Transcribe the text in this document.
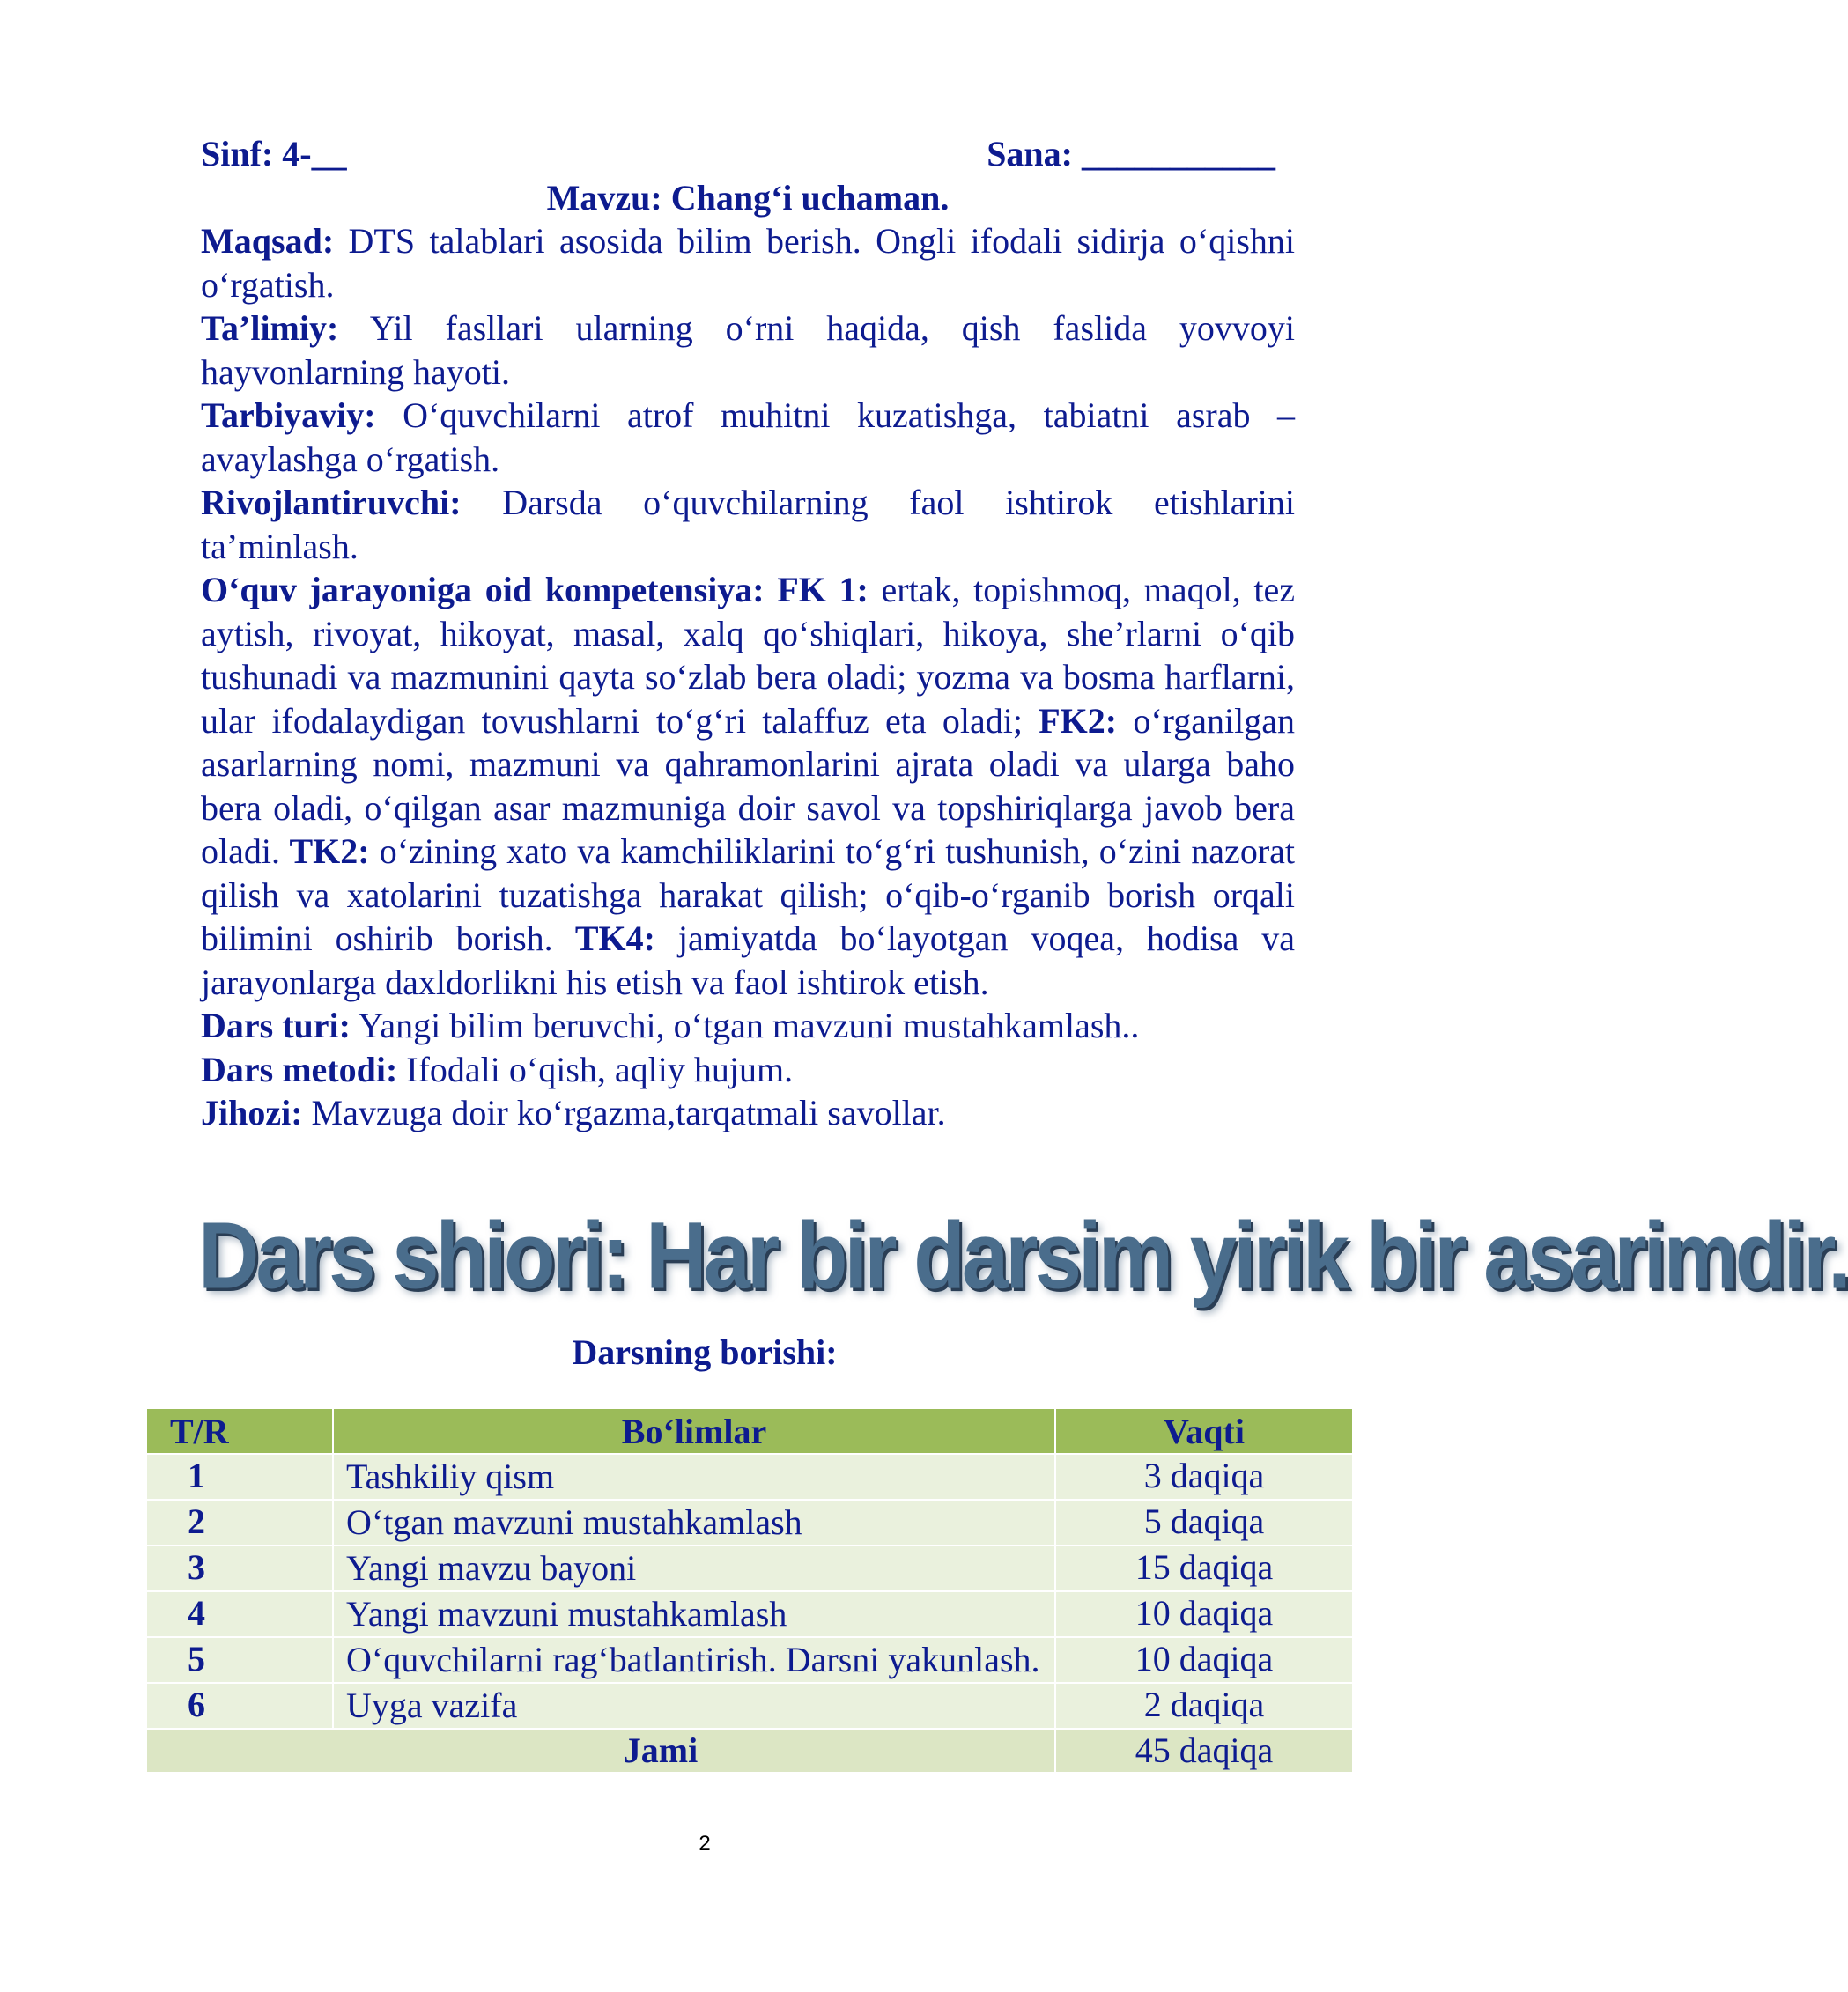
Sinf: 4-__	Sana: ___________
Mavzu: Chang‘i uchaman.
Maqsad: DTS talablari asosida bilim berish. Ongli ifodali sidirja o‘qishni o‘rgatish.
Ta’limiy: Yil fasllari ularning o‘rni haqida, qish faslida yovvoyi hayvonlarning hayoti.
Tarbiyaviy: O‘quvchilarni atrof muhitni kuzatishga, tabiatni asrab – avaylashga o‘rgatish.
Rivojlantiruvchi: Darsda o‘quvchilarning faol ishtirok etishlarini ta’minlash.
O‘quv jarayoniga oid kompetensiya: FK 1: ertak, topishmoq, maqol, tez aytish, rivoyat, hikoyat, masal, xalq qo‘shiqlari, hikoya, she’rlarni o‘qib tushunadi va mazmunini qayta so‘zlab bera oladi; yozma va bosma harflarni, ular ifodalaydigan tovushlarni to‘g‘ri talaffuz eta oladi; FK2: o‘rganilgan asarlarning nomi, mazmuni va qahramonlarini ajrata oladi va ularga baho bera oladi, o‘qilgan asar mazmuniga doir savol va topshiriqlarga javob bera oladi. TK2: o‘zining xato va kamchiliklarini to‘g‘ri tushunish, o‘zini nazorat qilish va xatolarini tuzatishga harakat qilish; o‘qib-o‘rganib borish orqali bilimini oshirib borish. TK4: jamiyatda bo‘layotgan voqea, hodisa va jarayonlarga daxldorlikni his etish va faol ishtirok etish.
Dars turi: Yangi bilim beruvchi, o‘tgan mavzuni mustahkamlash..
Dars metodi: Ifodali o‘qish, aqliy hujum.
Jihozi: Mavzuga doir ko‘rgazma,tarqatmali savollar.
Dars shiori: Har bir darsim yirik bir asarimdir.
Darsning borishi:
T/R	Bo‘limlar	Vaqti
1	Tashkiliy qism	3 daqiqa
2	O‘tgan mavzuni mustahkamlash	5 daqiqa
3	Yangi mavzu bayoni	15 daqiqa
4	Yangi mavzuni mustahkamlash	10 daqiqa
5	O‘quvchilarni rag‘batlantirish. Darsni yakunlash.	10 daqiqa
6	Uyga vazifa	2 daqiqa
Jami		45 daqiqa
2
